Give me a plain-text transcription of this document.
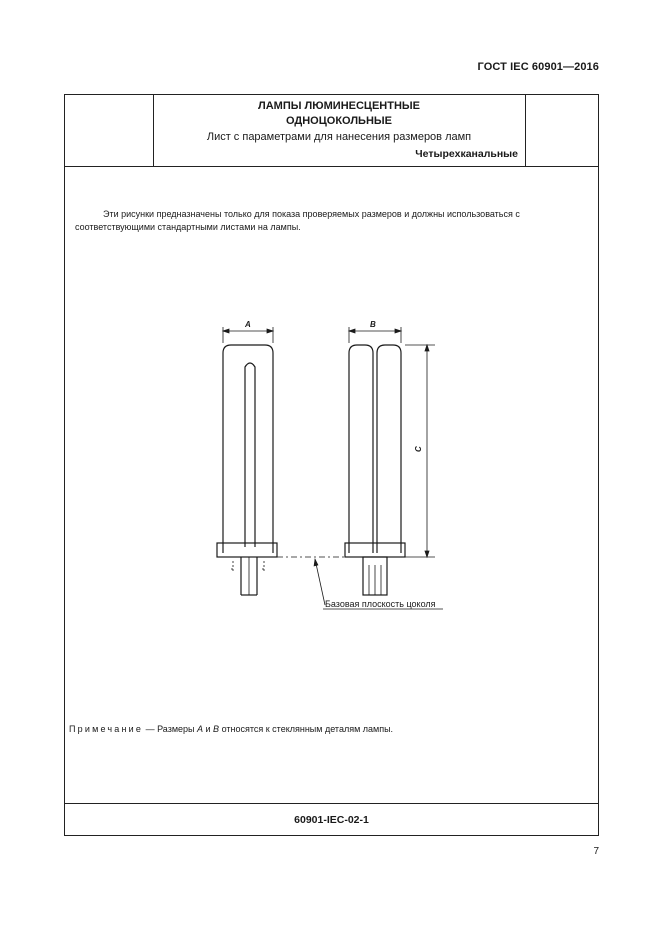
ГОСТ IEC 60901—2016
ЛАМПЫ ЛЮМИНЕСЦЕНТНЫЕ
ОДНОЦОКОЛЬНЫЕ
Лист с параметрами для нанесения размеров ламп
Четырехканальные
Эти рисунки предназначены только для показа проверяемых размеров и должны использоваться с соответствующими стандартными листами на лампы.
A	B
C
Базовая плоскость цоколя
Примечание — Размеры A и B относятся к стеклянным деталям лампы.
60901-IEC-02-1
7
